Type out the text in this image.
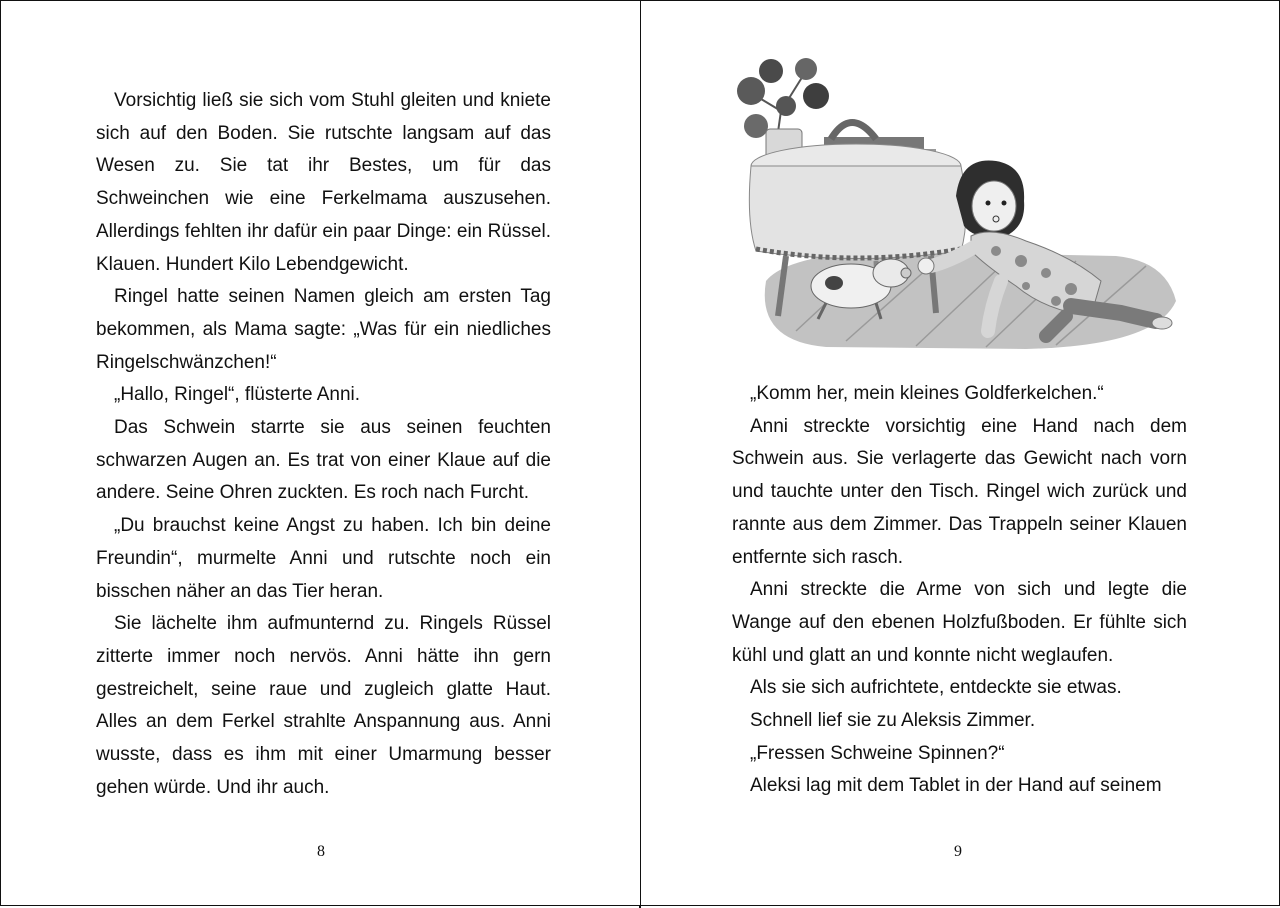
Vorsichtig ließ sie sich vom Stuhl gleiten und kniete sich auf den Boden. Sie rutschte langsam auf das Wesen zu. Sie tat ihr Bestes, um für das Schweinchen wie eine Ferkelmama auszusehen. Allerdings fehlten ihr dafür ein paar Dinge: ein Rüssel. Klauen. Hundert Kilo Lebendgewicht.

Ringel hatte seinen Namen gleich am ersten Tag bekommen, als Mama sagte: „Was für ein niedliches Ringelschwänzchen!“

„Hallo, Ringel“, flüsterte Anni.

Das Schwein starrte sie aus seinen feuchten schwarzen Augen an. Es trat von einer Klaue auf die andere. Seine Ohren zuckten. Es roch nach Furcht.

„Du brauchst keine Angst zu haben. Ich bin deine Freundin“, murmelte Anni und rutschte noch ein bisschen näher an das Tier heran.

Sie lächelte ihm aufmunternd zu. Ringels Rüssel zitterte immer noch nervös. Anni hätte ihn gern gestreichelt, seine raue und zugleich glatte Haut. Alles an dem Ferkel strahlte Anspannung aus. Anni wusste, dass es ihm mit einer Umarmung besser gehen würde. Und ihr auch.

8

„Komm her, mein kleines Goldferkelchen.“

Anni streckte vorsichtig eine Hand nach dem Schwein aus. Sie verlagerte das Gewicht nach vorn und tauchte unter den Tisch. Ringel wich zurück und rannte aus dem Zimmer. Das Trappeln seiner Klauen entfernte sich rasch.

Anni streckte die Arme von sich und legte die Wange auf den ebenen Holzfußboden. Er fühlte sich kühl und glatt an und konnte nicht weglaufen.

Als sie sich aufrichtete, entdeckte sie etwas.

Schnell lief sie zu Aleksis Zimmer.

„Fressen Schweine Spinnen?“

Aleksi lag mit dem Tablet in der Hand auf seinem

9
